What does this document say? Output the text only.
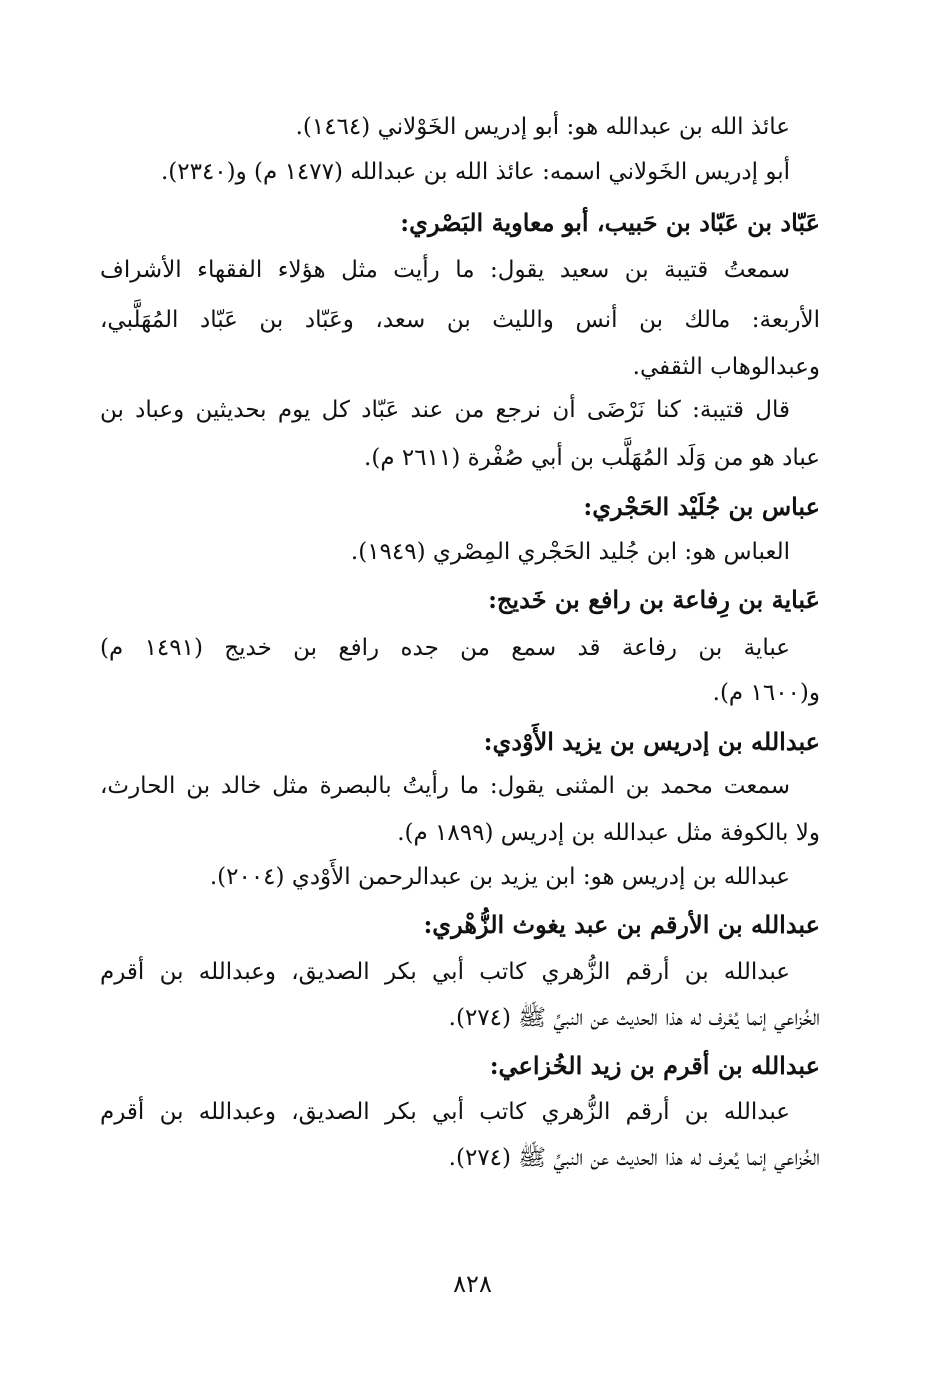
عائذ الله بن عبدالله هو: أبو إدريس الخَوْلاني (١٤٦٤).
أبو إدريس الخَولاني اسمه: عائذ الله بن عبدالله (١٤٧٧ م) و(٢٣٤٠).
عَبّاد بن عَبّاد بن حَبيب، أبو معاوية البَصْري:
سمعتُ قتيبة بن سعيد يقول: ما رأيت مثل هؤلاء الفقهاء الأشراف
الأربعة: مالك بن أنس والليث بن سعد، وعَبّاد بن عَبّاد المُهَلَّبي،
وعبدالوهاب الثقفي.
قال قتيبة: كنا نَرْضَى أن نرجع من عند عَبّاد كل يوم بحديثين وعباد بن
عباد هو من وَلَد المُهَلَّب بن أبي صُفْرة (٢٦١١ م).
عباس بن جُلَيْد الحَجْري:
العباس هو: ابن جُليد الحَجْري المِصْري (١٩٤٩).
عَباية بن رِفاعة بن رافع بن خَديج:
عباية بن رفاعة قد سمع من جده رافع بن خديج (١٤٩١ م)
و(١٦٠٠ م).
عبدالله بن إدريس بن يزيد الأَوْدي:
سمعت محمد بن المثنى يقول: ما رأيتُ بالبصرة مثل خالد بن الحارث،
ولا بالكوفة مثل عبدالله بن إدريس (١٨٩٩ م).
عبدالله بن إدريس هو: ابن يزيد بن عبدالرحمن الأَوْدي (٢٠٠٤).
عبدالله بن الأرقم بن عبد يغوث الزُّهْري:
عبدالله بن أرقم الزُّهري كاتب أبي بكر الصديق، وعبدالله بن أقرم
الخُزاعي إنما يُعْرف له هذا الحديث عن النبيِّ ﷺ (٢٧٤).
عبدالله بن أقرم بن زيد الخُزاعي:
عبدالله بن أرقم الزُّهري كاتب أبي بكر الصديق، وعبدالله بن أقرم
الخُزاعي إنما يُعرف له هذا الحديث عن النبيِّ ﷺ (٢٧٤).
٨٢٨
